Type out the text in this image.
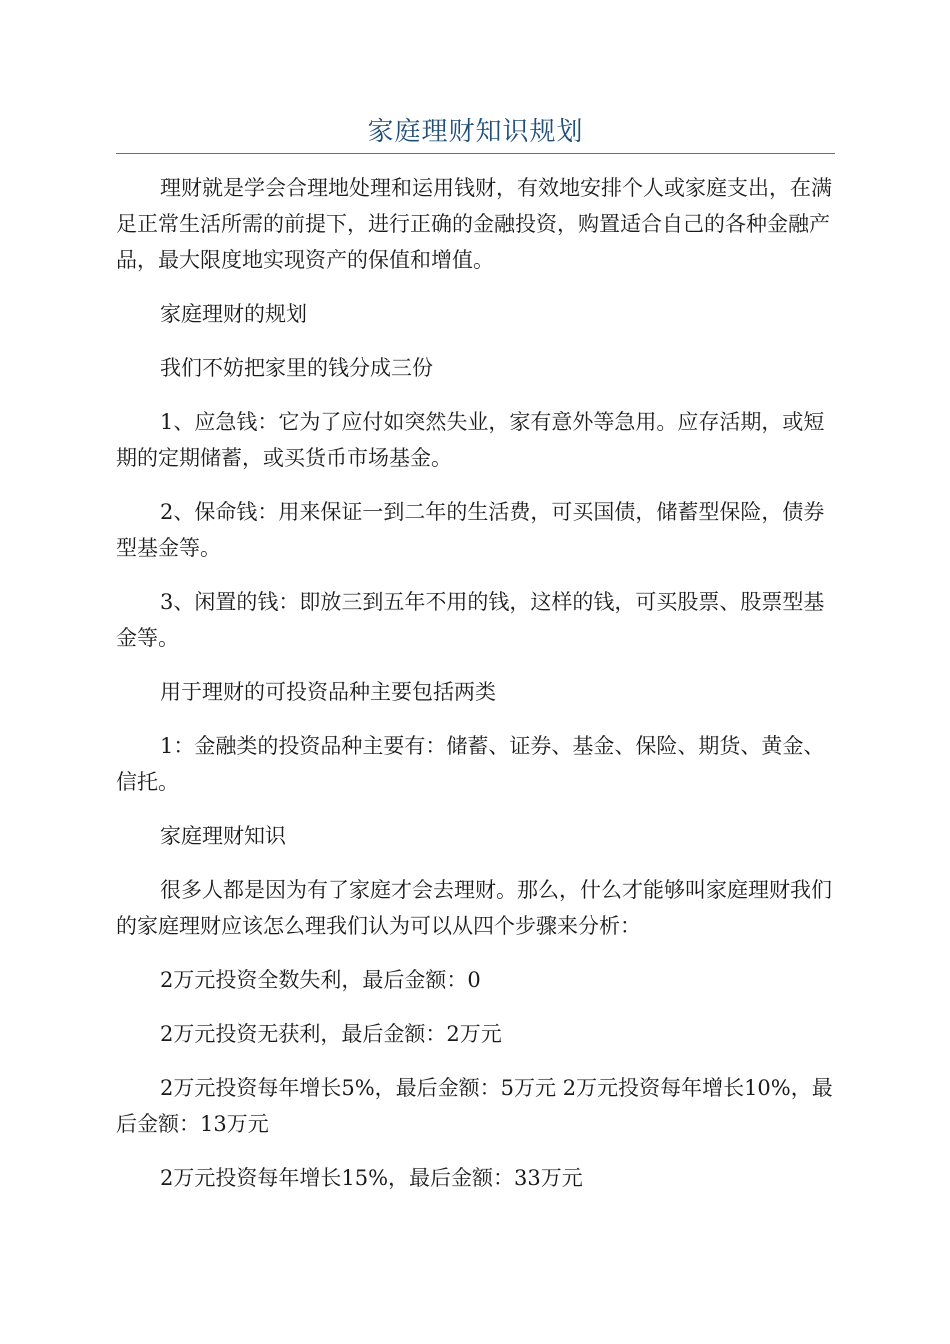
家庭理财知识规划

理财就是学会合理地处理和运用钱财，有效地安排个人或家庭支出，在满足正常生活所需的前提下，进行正确的金融投资，购置适合自己的各种金融产品，最大限度地实现资产的保值和增值。

家庭理财的规划

我们不妨把家里的钱分成三份

1、应急钱：它为了应付如突然失业，家有意外等急用。应存活期，或短期的定期储蓄，或买货币市场基金。

2、保命钱：用来保证一到二年的生活费，可买国债，储蓄型保险，债券型基金等。

3、闲置的钱：即放三到五年不用的钱，这样的钱，可买股票、股票型基金等。

用于理财的可投资品种主要包括两类

1：金融类的投资品种主要有：储蓄、证券、基金、保险、期货、黄金、信托。

家庭理财知识

很多人都是因为有了家庭才会去理财。那么，什么才能够叫家庭理财我们的家庭理财应该怎么理我们认为可以从四个步骤来分析：

2万元投资全数失利，最后金额：0

2万元投资无获利，最后金额：2万元

2万元投资每年增长5%，最后金额：5万元 2万元投资每年增长10%，最后金额：13万元

2万元投资每年增长15%，最后金额：33万元
